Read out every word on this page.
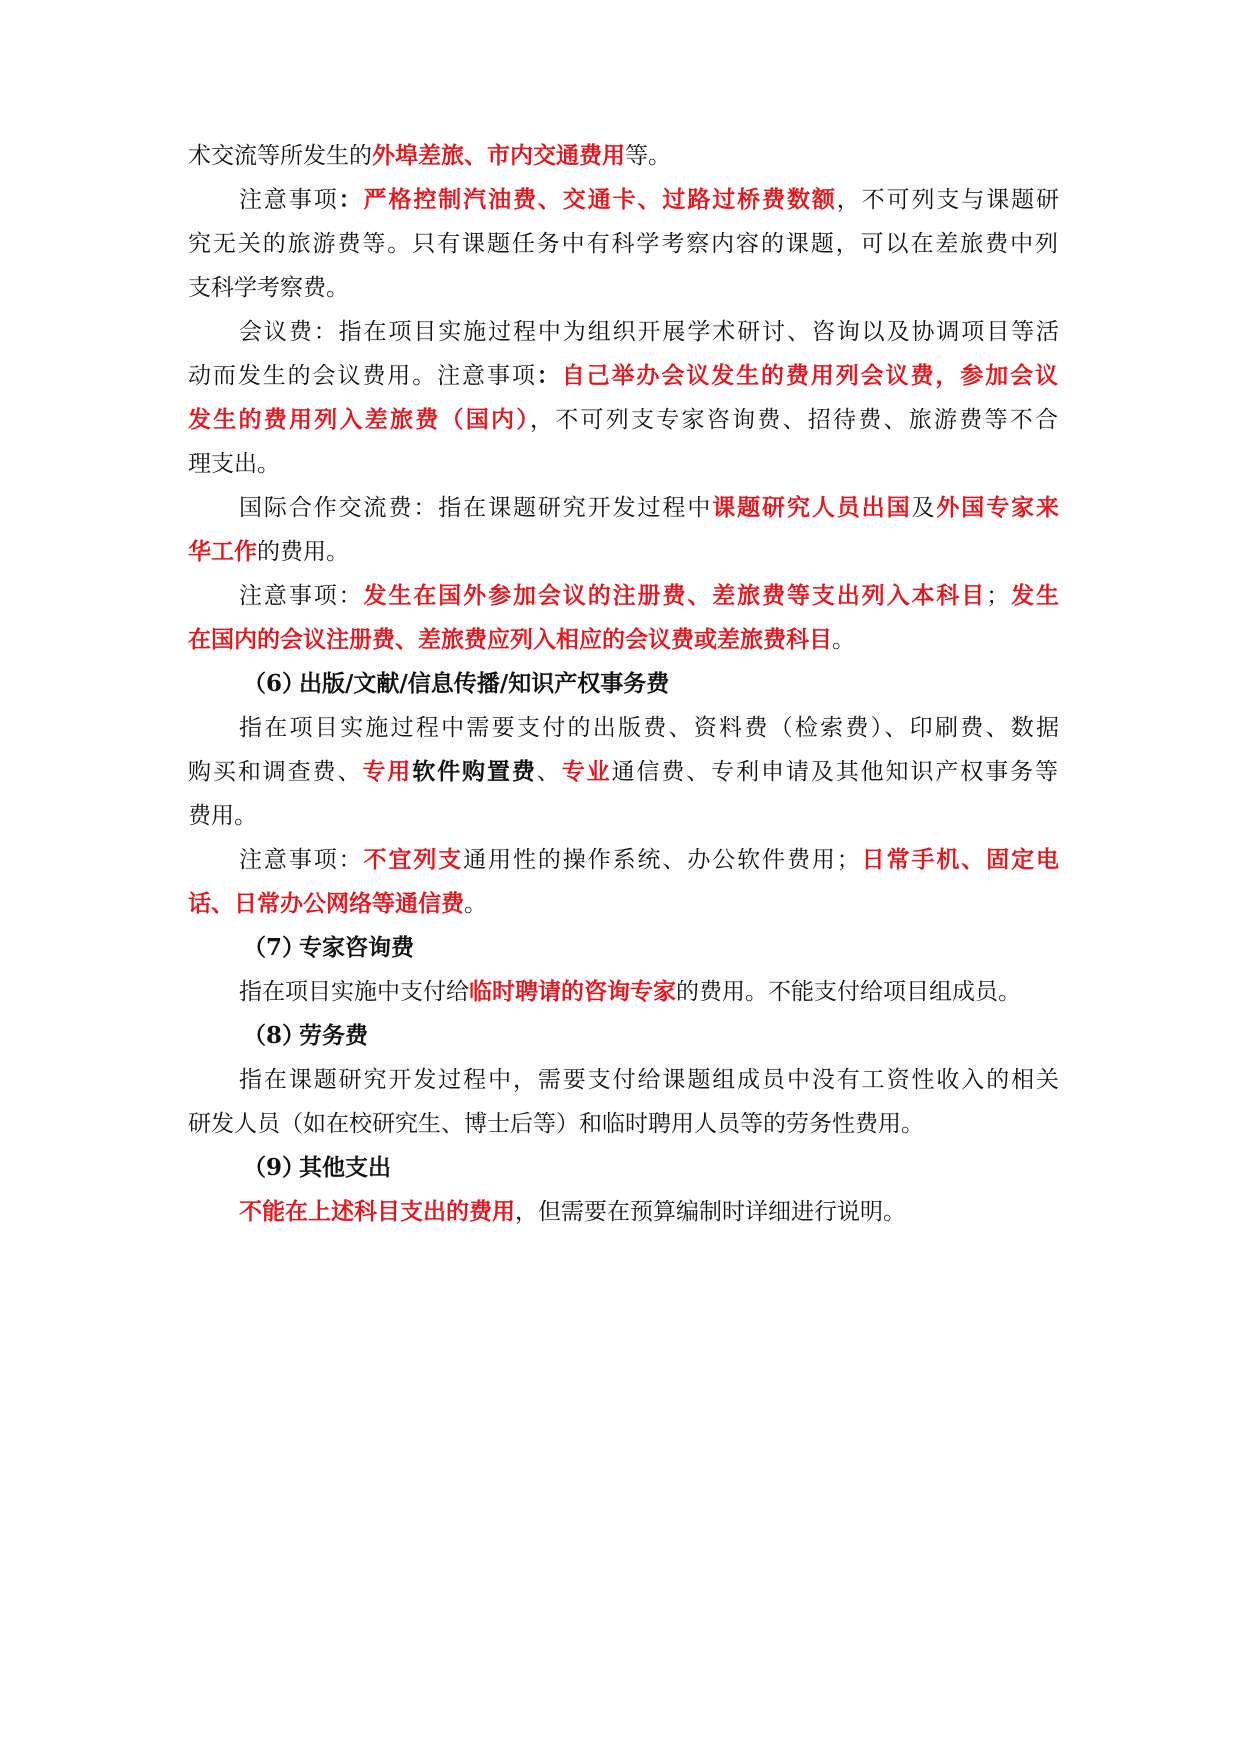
术交流等所发生的外埠差旅、市内交通费用等。
注意事项：严格控制汽油费、交通卡、过路过桥费数额，不可列支与课题研
究无关的旅游费等。只有课题任务中有科学考察内容的课题，可以在差旅费中列
支科学考察费。
会议费：指在项目实施过程中为组织开展学术研讨、咨询以及协调项目等活
动而发生的会议费用。注意事项：自己举办会议发生的费用列会议费，参加会议
发生的费用列入差旅费（国内），不可列支专家咨询费、招待费、旅游费等不合
理支出。
国际合作交流费：指在课题研究开发过程中课题研究人员出国及外国专家来
华工作的费用。
注意事项：发生在国外参加会议的注册费、差旅费等支出列入本科目；发生
在国内的会议注册费、差旅费应列入相应的会议费或差旅费科目。
（6）出版/文献/信息传播/知识产权事务费
指在项目实施过程中需要支付的出版费、资料费（检索费）、印刷费、数据
购买和调查费、专用软件购置费、专业通信费、专利申请及其他知识产权事务等
费用。
注意事项：不宜列支通用性的操作系统、办公软件费用；日常手机、固定电
话、日常办公网络等通信费。
（7）专家咨询费
指在项目实施中支付给临时聘请的咨询专家的费用。不能支付给项目组成员。
（8）劳务费
指在课题研究开发过程中，需要支付给课题组成员中没有工资性收入的相关
研发人员（如在校研究生、博士后等）和临时聘用人员等的劳务性费用。
（9）其他支出
不能在上述科目支出的费用，但需要在预算编制时详细进行说明。
